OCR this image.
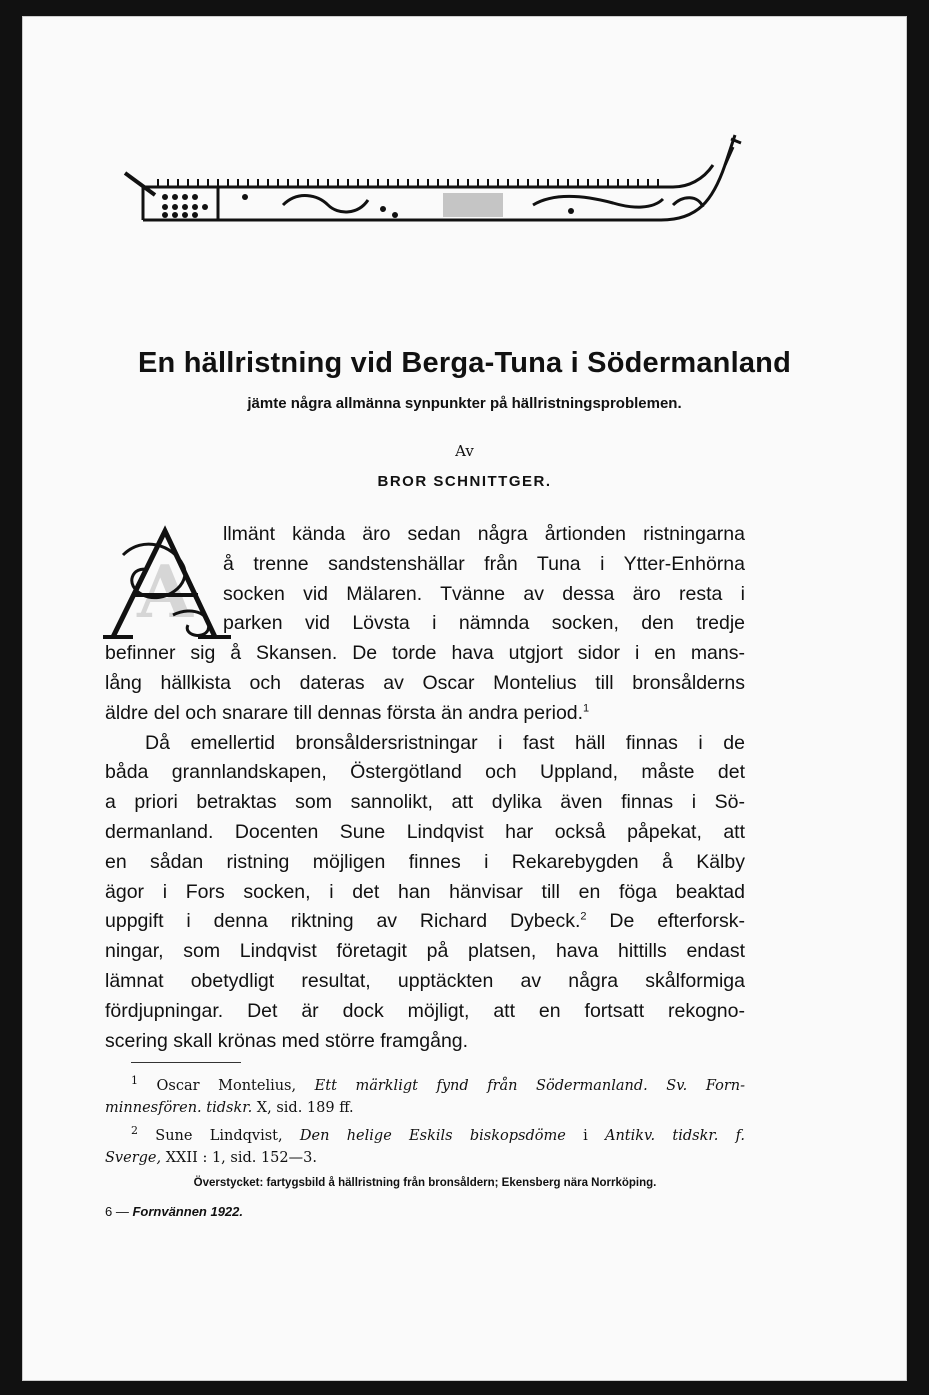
En hällristning vid Berga-Tuna i Södermanland
jämte några allmänna synpunkter på hällristningsproblemen.
Av
BROR SCHNITTGER.
A
llmänt kända äro sedan några årtionden ristningarna
å trenne sandstenshällar från Tuna i Ytter-Enhörna
socken vid Mälaren. Tvänne av dessa äro resta i
parken vid Lövsta i nämnda socken, den tredje
befinner sig å Skansen. De torde hava utgjort sidor i en mans-
lång hällkista och dateras av Oscar Montelius till bronsålderns
äldre del och snarare till dennas första än andra period.$^1$
Då emellertid bronsåldersristningar i fast häll finnas i de
båda grannlandskapen, Östergötland och Uppland, måste det
a priori betraktas som sannolikt, att dylika även finnas i Sö-
dermanland. Docenten Sune Lindqvist har också påpekat, att
en sådan ristning möjligen finnes i Rekarebygden å Kälby
ägor i Fors socken, i det han hänvisar till en föga beaktad
uppgift i denna riktning av Richard Dybeck.$^2$ De efterforsk-
ningar, som Lindqvist företagit på platsen, hava hittills endast
lämnat obetydligt resultat, upptäckten av några skålformiga
fördjupningar. Det är dock möjligt, att en fortsatt rekogno-
scering skall krönas med större framgång.
$^1$ Oscar Montelius, Ett märkligt fynd från Södermanland. Sv. Forn-
minnesfören. tidskr. X, sid. 189 ff.
$^2$ Sune Lindqvist, Den helige Eskils biskopsdöme i Antikv. tidskr. f.
Sverge, XXII : 1, sid. 152—3.
Överstycket: fartygsbild å hällristning från bronsåldern; Ekensberg nära Norrköping.
6 — Fornvännen 1922.
